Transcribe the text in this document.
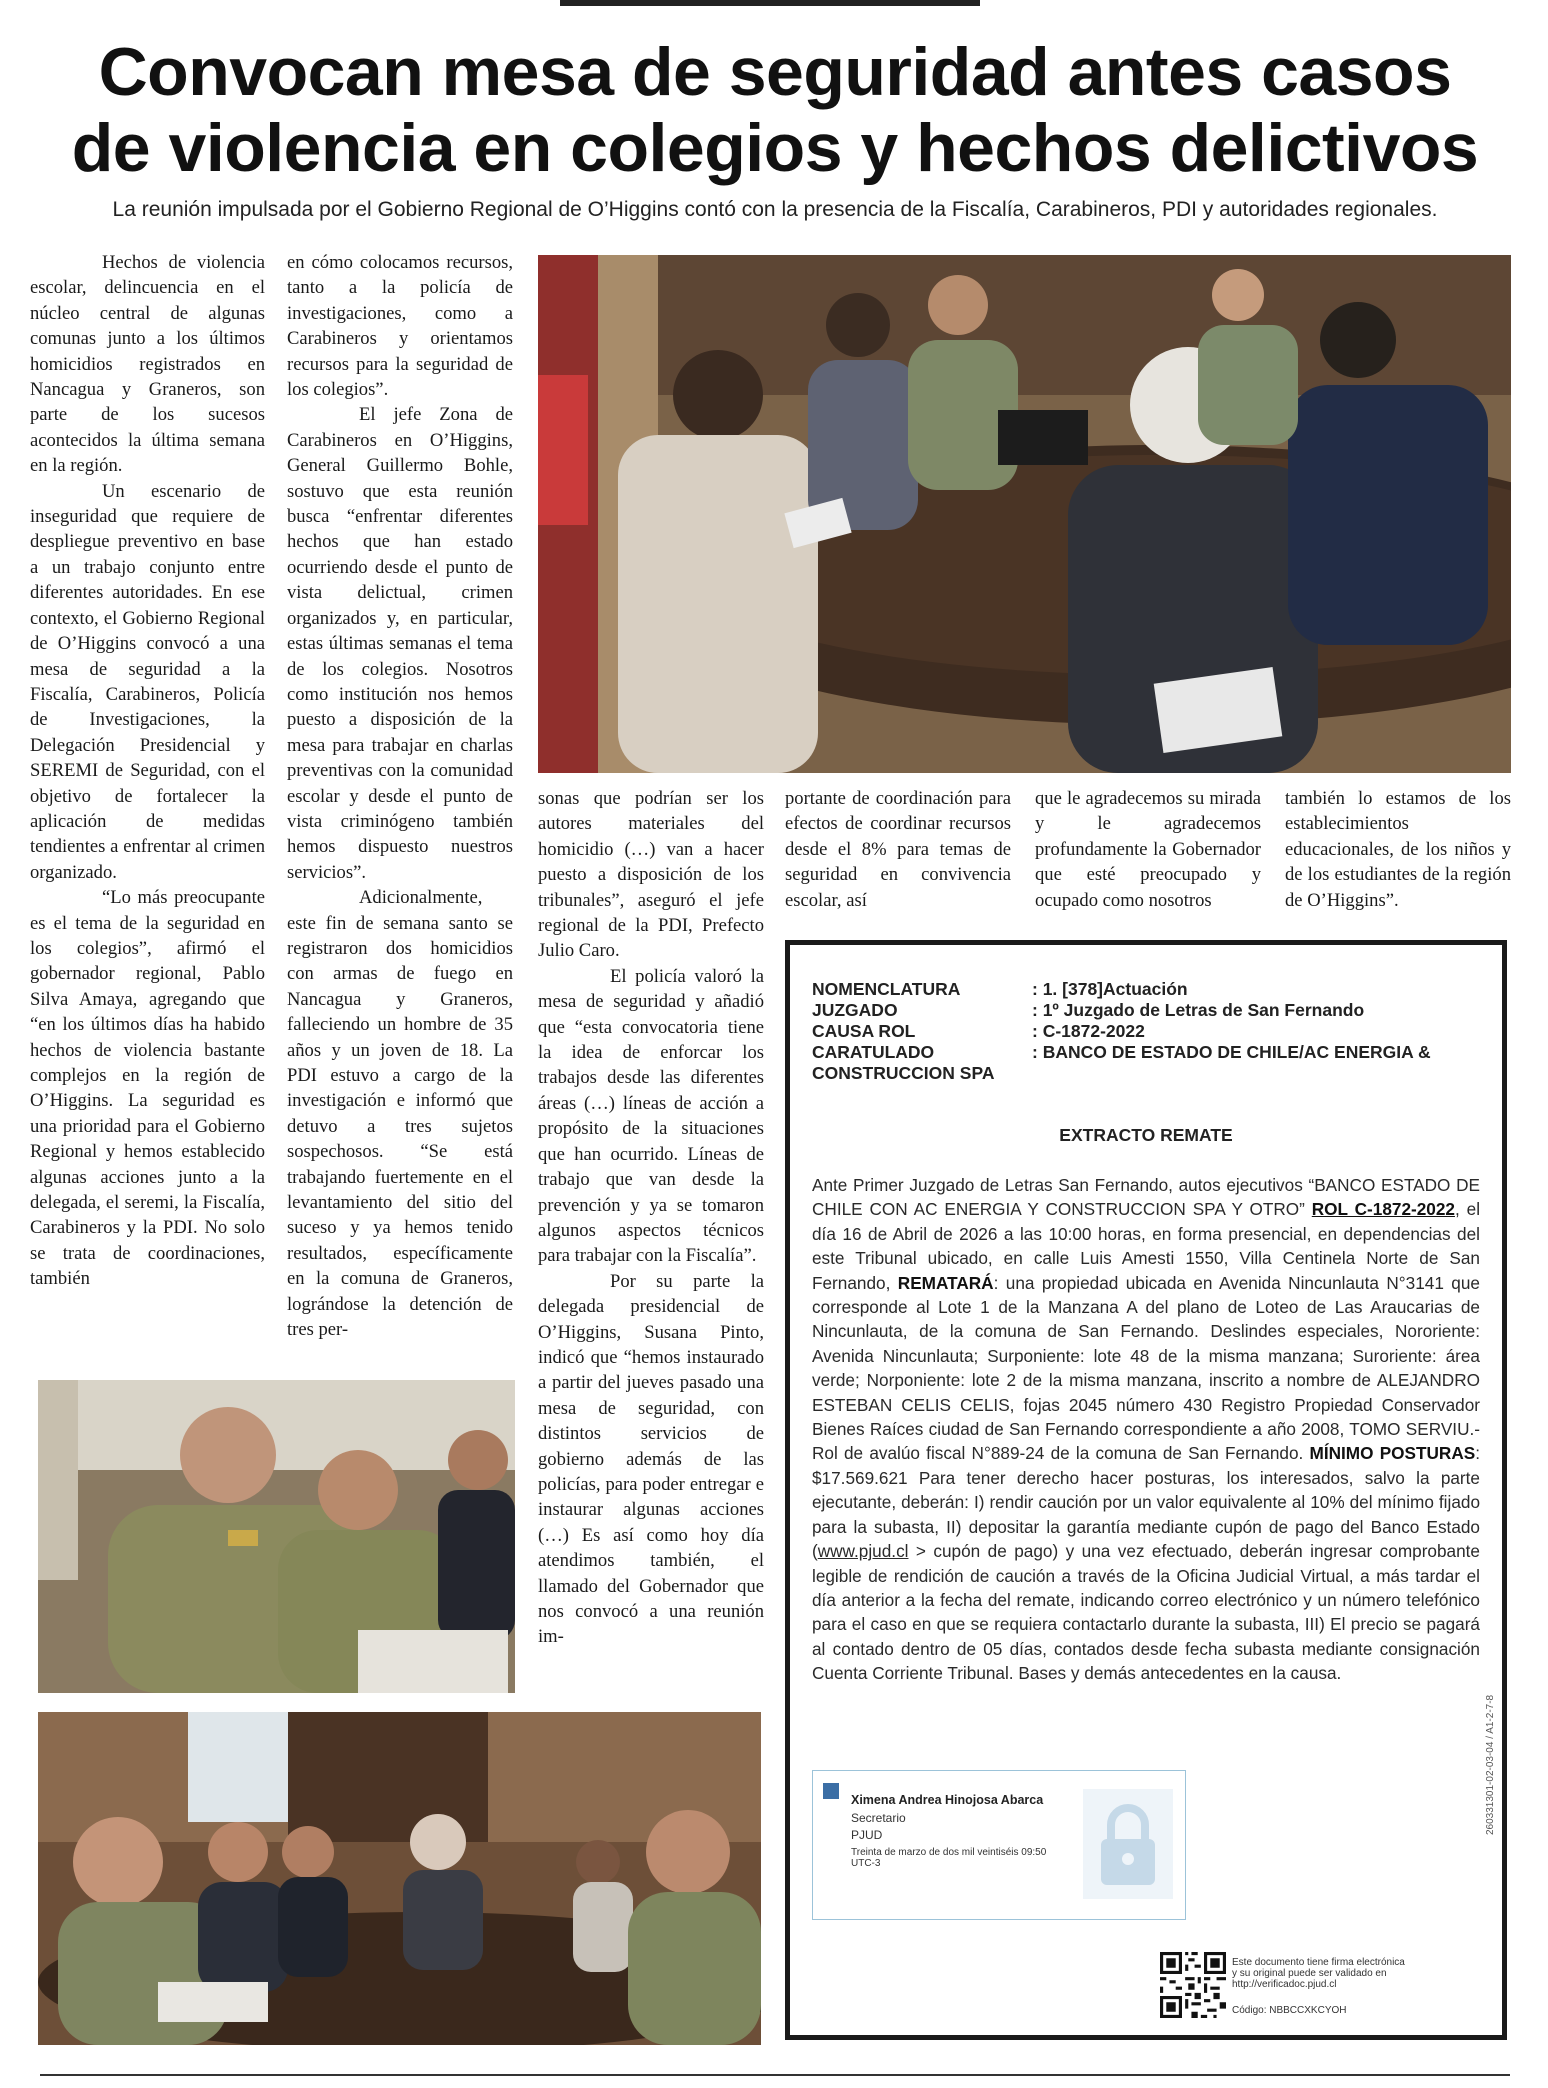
Convocan mesa de seguridad antes casos
de violencia en colegios y hechos delictivos

La reunión impulsada por el Gobierno Regional de O’Higgins contó con la presencia de la Fiscalía, Carabineros, PDI y autoridades regionales.

Hechos de violencia escolar, delincuencia en el núcleo central de algunas comunas junto a los últimos homicidios registrados en Nancagua y Graneros, son parte de los sucesos acontecidos la última semana en la región.

Un escenario de inseguridad que requiere de despliegue preventivo en base a un trabajo conjunto entre diferentes autoridades. En ese contexto, el Gobierno Regional de O’Higgins convocó a una mesa de seguridad a la Fiscalía, Carabineros, Policía de Investigaciones, la Delegación Presidencial y SEREMI de Seguridad, con el objetivo de fortalecer la aplicación de medidas tendientes a enfrentar al crimen organizado.

“Lo más preocupante es el tema de la seguridad en los colegios”, afirmó el gobernador regional, Pablo Silva Amaya, agregando que “en los últimos días ha habido hechos de violencia bastante complejos en la región de O’Higgins. La seguridad es una prioridad para el Gobierno Regional y hemos establecido algunas acciones junto a la delegada, el seremi, la Fiscalía, Carabineros y la PDI. No solo se trata de coordinaciones, también

en cómo colocamos recursos, tanto a la policía de investigaciones, como a Carabineros y orientamos recursos para la seguridad de los colegios”.

El jefe Zona de Carabineros en O’Higgins, General Guillermo Bohle, sostuvo que esta reunión busca “enfrentar diferentes hechos que han estado ocurriendo desde el punto de vista delictual, crimen organizados y, en particular, estas últimas semanas el tema de los colegios. Nosotros como institución nos hemos puesto a disposición de la mesa para trabajar en charlas preventivas con la comunidad escolar y desde el punto de vista criminógeno también hemos dispuesto nuestros servicios”.

Adicionalmente, este fin de semana santo se registraron dos homicidios con armas de fuego en Nancagua y Graneros, falleciendo un hombre de 35 años y un joven de 18. La PDI estuvo a cargo de la investigación e informó que detuvo a tres sujetos sospechosos. “Se está trabajando fuertemente en el levantamiento del sitio del suceso y ya hemos tenido resultados, específicamente en la comuna de Graneros, lográndose la detención de tres per-

sonas que podrían ser los autores materiales del homicidio (…) van a hacer puesto a disposición de los tribunales”, aseguró el jefe regional de la PDI, Prefecto Julio Caro.

El policía valoró la mesa de seguridad y añadió que “esta convocatoria tiene la idea de enforcar los trabajos desde las diferentes áreas (…) líneas de acción a propósito de la situaciones que han ocurrido. Líneas de trabajo que van desde la prevención y ya se tomaron algunos aspectos técnicos para trabajar con la Fiscalía”.

Por su parte la delegada presidencial de O’Higgins, Susana Pinto, indicó que “hemos instaurado a partir del jueves pasado una mesa de seguridad, con distintos servicios de gobierno además de las policías, para poder entregar e instaurar algunas acciones (…) Es así como hoy día atendimos también, el llamado del Gobernador que nos convocó a una reunión im-

portante de coordinación para efectos de coordinar recursos desde el 8% para temas de seguridad en convivencia escolar, así

que le agradecemos su mirada y le agradecemos profundamente la Gobernador que esté preocupado y ocupado como nosotros

también lo estamos de los establecimientos educacionales, de los niños y de los estudiantes de la región de O’Higgins”.

NOMENCLATURA	: 1. [378]Actuación
JUZGADO	: 1º Juzgado de Letras de San Fernando
CAUSA ROL	: C-1872-2022
CARATULADO	: BANCO DE ESTADO DE CHILE/AC ENERGIA &
CONSTRUCCION SPA
EXTRACTO REMATE
Ante Primer Juzgado de Letras San Fernando, autos ejecutivos “BANCO ESTADO DE CHILE CON AC ENERGIA Y CONSTRUCCION SPA Y OTRO” ROL C-1872-2022, el día 16 de Abril de 2026 a las 10:00 horas, en forma presencial, en dependencias del este Tribunal ubicado, en calle Luis Amesti 1550, Villa Centinela Norte de San Fernando, REMATARÁ: una propiedad ubicada en Avenida Nincunlauta N°3141 que corresponde al Lote 1 de la Manzana A del plano de Loteo de Las Araucarias de Nincunlauta, de la comuna de San Fernando. Deslindes especiales, Nororiente: Avenida Nincunlauta; Surponiente: lote 48 de la misma manzana; Suroriente: área verde; Norponiente: lote 2 de la misma manzana, inscrito a nombre de ALEJANDRO ESTEBAN CELIS CELIS, fojas 2045 número 430 Registro Propiedad Conservador Bienes Raíces ciudad de San Fernando correspondiente a año 2008, TOMO SERVIU.- Rol de avalúo fiscal N°889-24 de la comuna de San Fernando. MÍNIMO POSTURAS: $17.569.621 Para tener derecho hacer posturas, los interesados, salvo la parte ejecutante, deberán: I) rendir caución por un valor equivalente al 10% del mínimo fijado para la subasta, II) depositar la garantía mediante cupón de pago del Banco Estado (www.pjud.cl > cupón de pago) y una vez efectuado, deberán ingresar comprobante legible de rendición de caución a través de la Oficina Judicial Virtual, a más tardar el día anterior a la fecha del remate, indicando correo electrónico y un número telefónico para el caso en que se requiera contactarlo durante la subasta, III) El precio se pagará al contado dentro de 05 días, contados desde fecha subasta mediante consignación Cuenta Corriente Tribunal. Bases y demás antecedentes en la causa.
Ximena Andrea Hinojosa Abarca
Secretario
PJUD
Treinta de marzo de dos mil veintiséis 09:50 UTC-3
260331301-02-03-04 / A1-2-7-8
Este documento tiene firma electrónica y su original puede ser validado en http://verificadoc.pjud.cl
Código: NBBCCXKCYOH
